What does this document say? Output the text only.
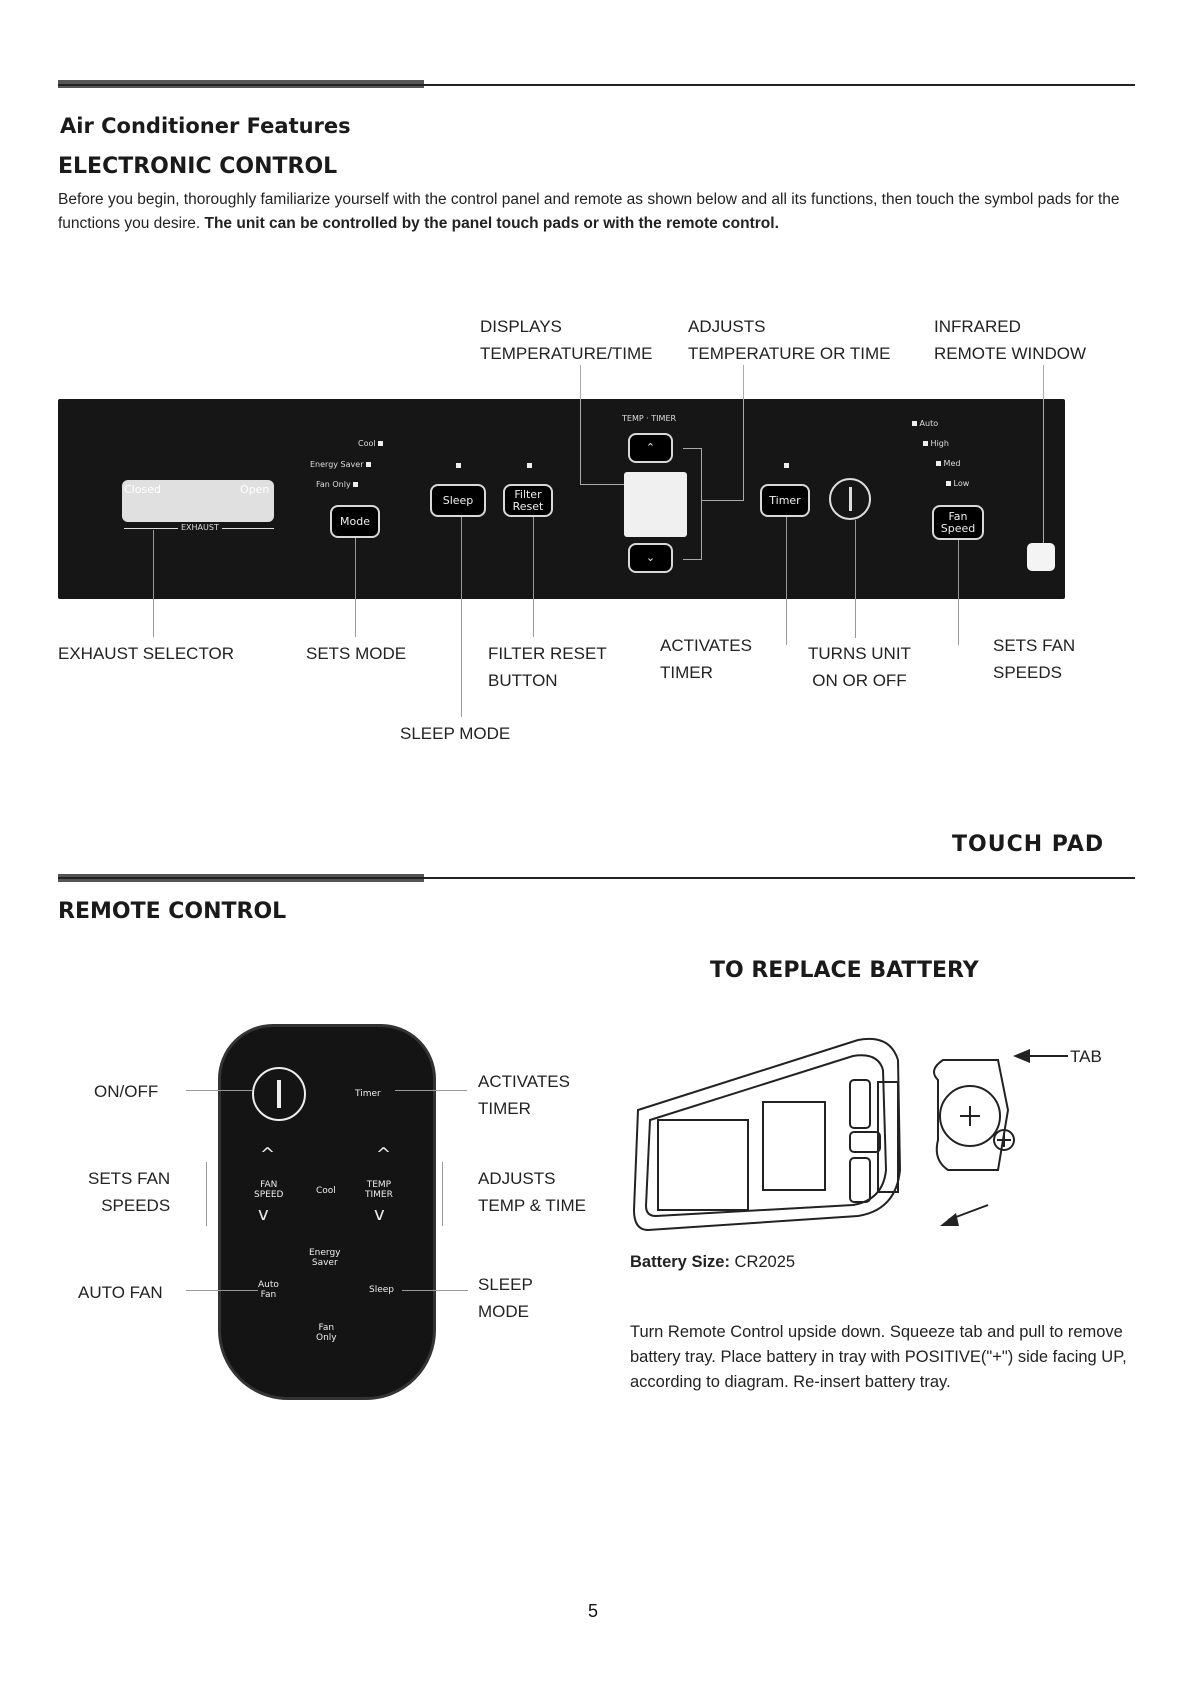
Air Conditioner Features
ELECTRONIC CONTROL
Before you begin, thoroughly familiarize yourself with the control panel and remote as shown below and all its functions, then touch the symbol pads for the functions you desire. The unit can be controlled by the panel touch pads or with the remote control.
DISPLAYS
TEMPERATURE/TIME
ADJUSTS
TEMPERATURE OR TIME
INFRARED
REMOTE WINDOW
Closed	Open
EXHAUST
Cool
Energy Saver
Fan Only
Mode
Sleep	Filter
Reset
TEMP · TIMER
⌃
⌄
Timer
Auto
High
Med
Low
Fan
Speed
EXHAUST SELECTOR	SETS MODE	FILTER RESET
BUTTON
ACTIVATES
TIMER
TURNS UNIT
ON OR OFF
SETS FAN
SPEEDS
SLEEP MODE
TOUCH PAD
REMOTE CONTROL
TO REPLACE BATTERY
ON/OFF
SETS FAN
SPEEDS
AUTO FAN
Timer
^	^
FAN
SPEED	Cool
TEMP
TIMER
v	v
Energy
Saver
Auto
Fan	Sleep
Fan
Only
ACTIVATES
TIMER
ADJUSTS
TEMP & TIME
SLEEP
MODE
TAB
Battery Size: CR2025
Turn Remote Control upside down. Squeeze tab and pull to remove battery tray. Place battery in tray with POSITIVE("+") side facing UP, according to diagram. Re-insert battery tray.
5
